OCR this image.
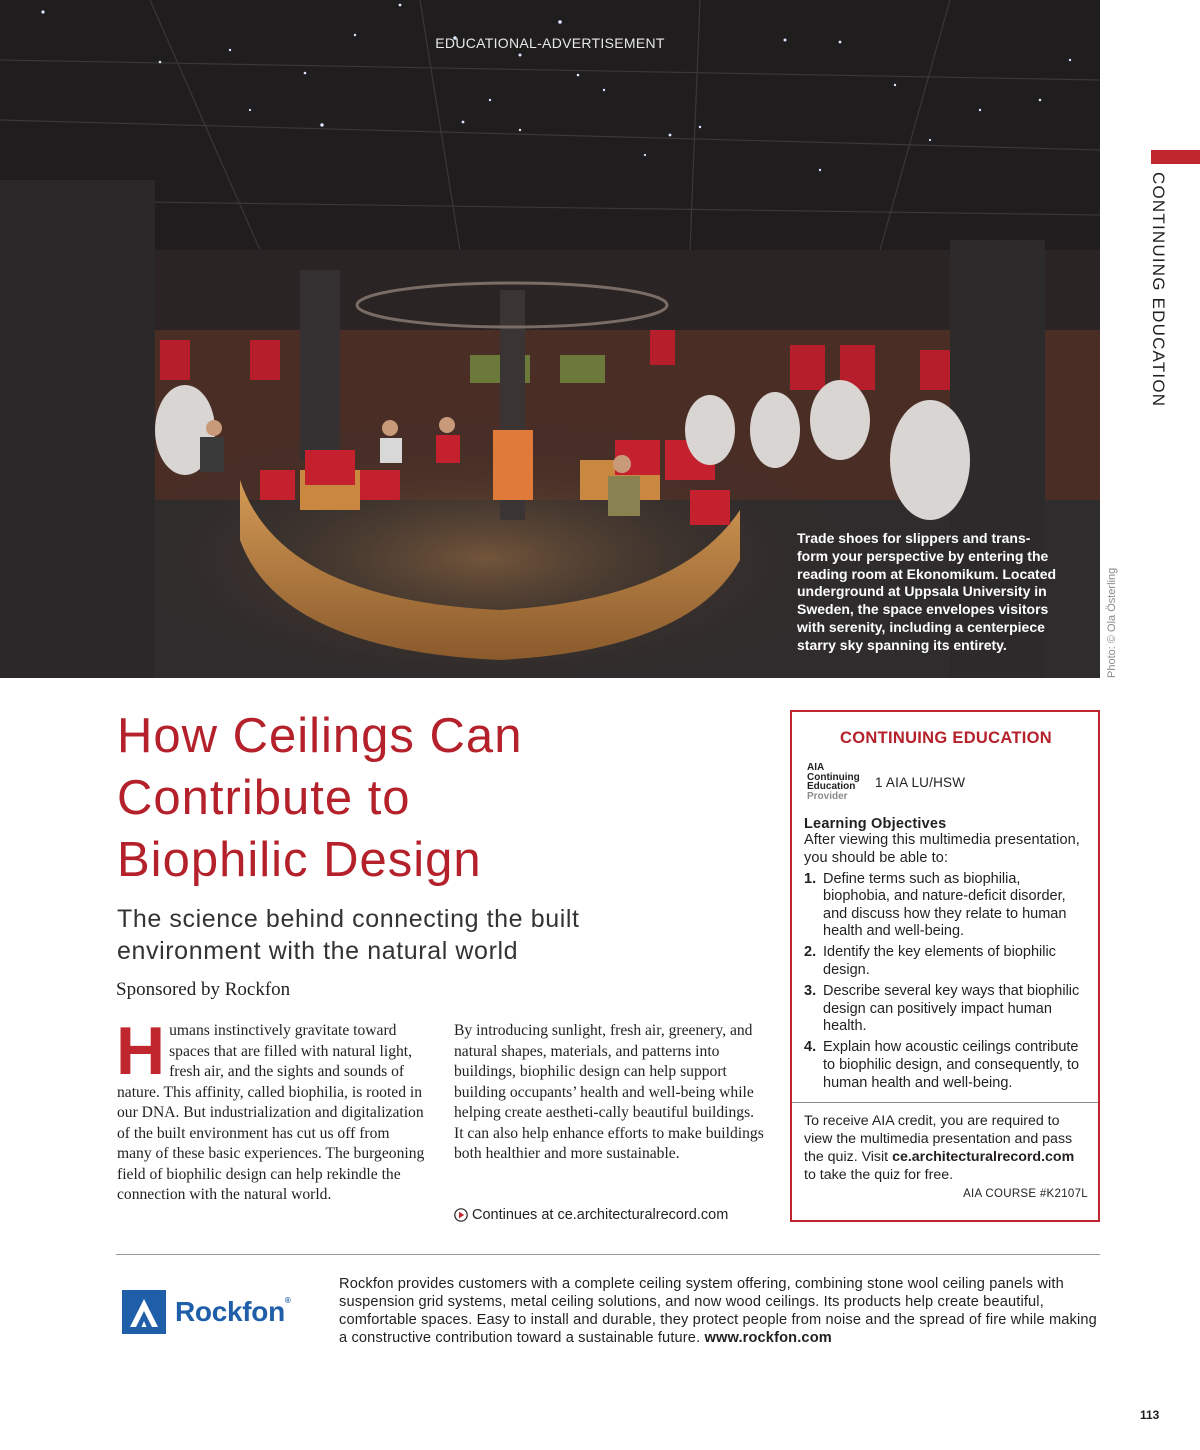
EDUCATIONAL-ADVERTISEMENT
Trade shoes for slippers and trans-
form your perspective by entering the
reading room at Ekonomikum. Located
underground at Uppsala University in
Sweden, the space envelopes visitors
with serenity, including a centerpiece
starry sky spanning its entirety.	Photo: © Ola Österling
CONTINUING EDUCATION
How Ceilings Can
Contribute to
Biophilic Design
The science behind connecting the built
environment with the natural world
Sponsored by Rockfon
Humans instinctively gravitate toward spaces that are filled with natural light, fresh air, and the sights and sounds of nature. This affinity, called biophilia, is rooted in our DNA. But industrialization and digitalization of the built environment has cut us off from many of these basic experiences. The burgeoning field of biophilic design can help rekindle the connection with the natural world.
By introducing sunlight, fresh air, greenery, and natural shapes, materials, and patterns into buildings, biophilic design can help support building occupants’ health and well-being while helping create aestheti-cally beautiful buildings. It can also help enhance efforts to make buildings both healthier and more sustainable.
Continues at ce.architecturalrecord.com
CONTINUING EDUCATION
AIA
Continuing
Education
Provider
1 AIA LU/HSW
Learning Objectives
After viewing this multimedia presentation, you should be able to:
1. Define terms such as biophilia, biophobia, and nature-deficit disorder, and discuss how they relate to human health and well-being.
2. Identify the key elements of biophilic design.
3. Describe several key ways that biophilic design can positively impact human health.
4. Explain how acoustic ceilings contribute to biophilic design, and consequently, to human health and well-being.
To receive AIA credit, you are required to view the multimedia presentation and pass the quiz. Visit ce.architecturalrecord.com to take the quiz for free.
AIA COURSE #K2107L
Rockfon®
Rockfon provides customers with a complete ceiling system offering, combining stone wool ceiling panels with suspension grid systems, metal ceiling solutions, and now wood ceilings. Its products help create beautiful, comfortable spaces. Easy to install and durable, they protect people from noise and the spread of fire while making a constructive contribution toward a sustainable future. www.rockfon.com
113
